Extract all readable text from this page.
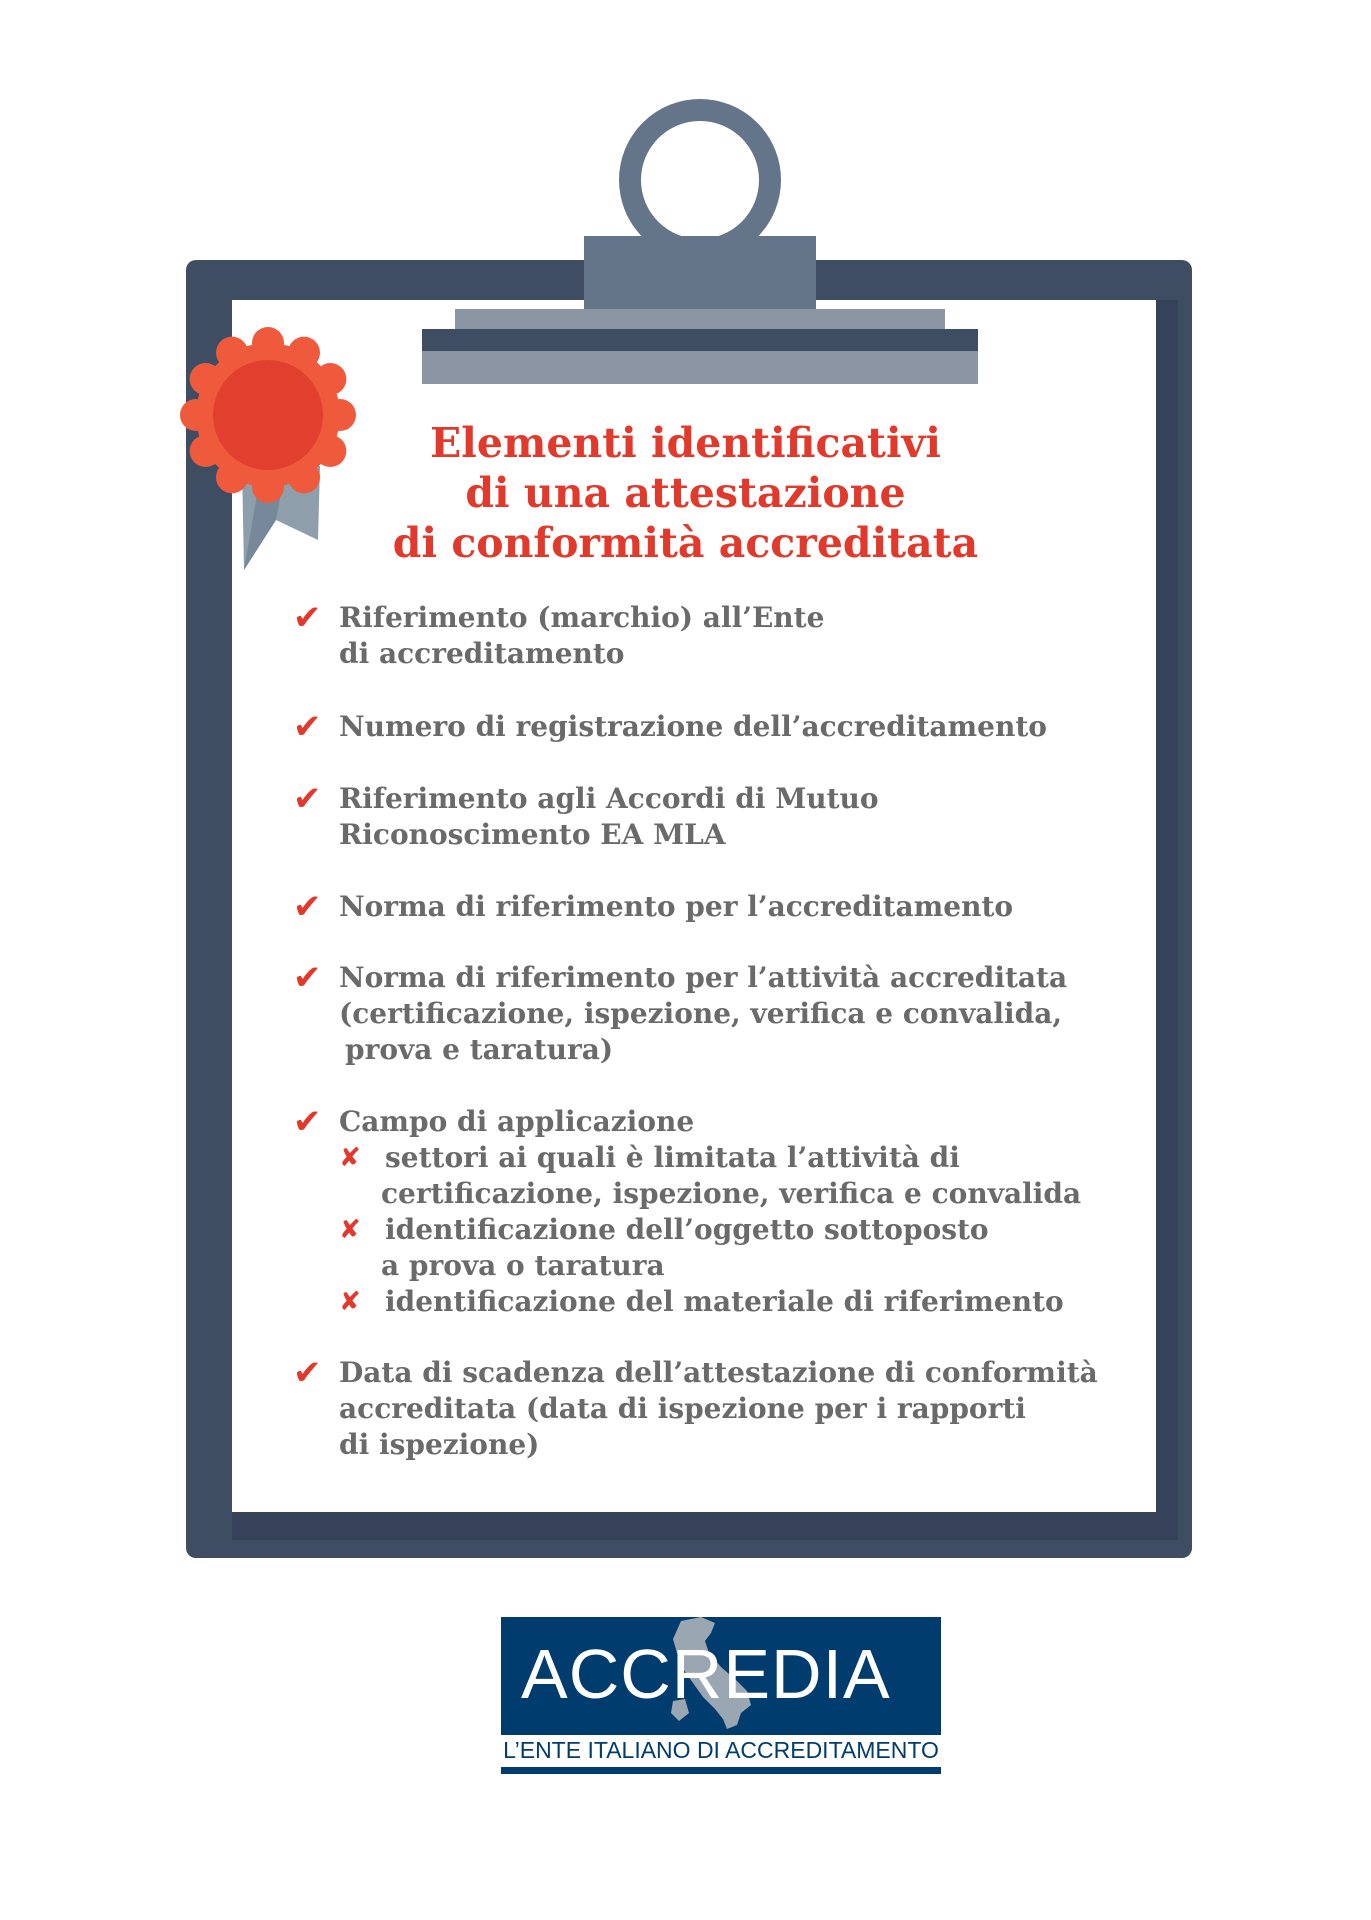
Elementi identificativi
di una attestazione
di conformità accreditata
✔ Riferimento (marchio) all’Ente
di accreditamento
✔ Numero di registrazione dell’accreditamento
✔ Riferimento agli Accordi di Mutuo
Riconoscimento EA MLA
✔ Norma di riferimento per l’accreditamento
✔ Norma di riferimento per l’attività accreditata
(certificazione, ispezione, verifica e convalida,
prova e taratura)
✔ Campo di applicazione
✘ settori ai quali è limitata l’attività di
certificazione, ispezione, verifica e convalida
✘ identificazione dell’oggetto sottoposto
a prova o taratura
✘ identificazione del materiale di riferimento
✔ Data di scadenza dell’attestazione di conformità
accreditata (data di ispezione per i rapporti
di ispezione)
ACCREDIA
L’ENTE ITALIANO DI ACCREDITAMENTO
